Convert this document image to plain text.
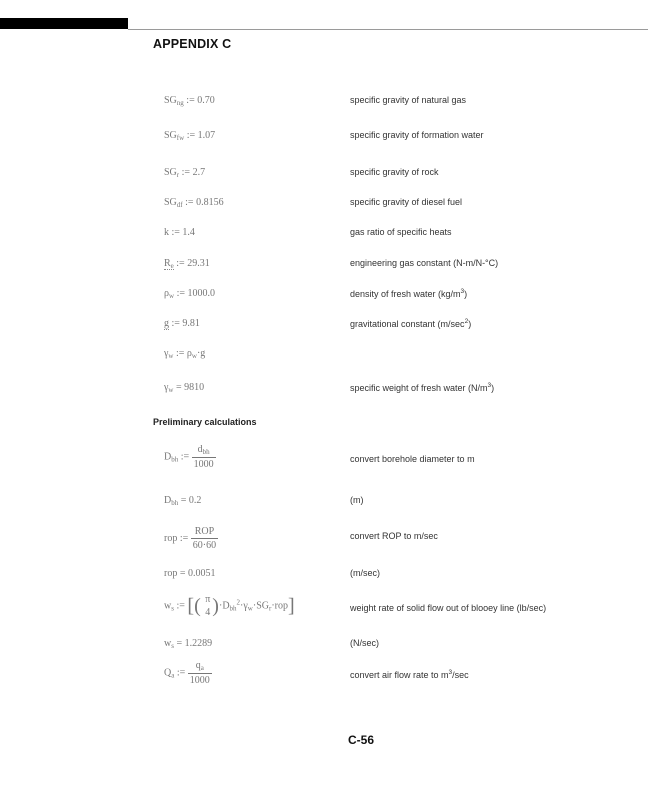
APPENDIX C
$SG_{ng}$ := 0.70	specific gravity of natural gas
$SG_{fw}$ := 1.07	specific gravity of formation water
$SG_r$ := 2.7	specific gravity of rock
$SG_{df}$ := 0.8156	specific gravity of diesel fuel
k := 1.4	gas ratio of specific heats
$R_e$ := 29.31	engineering gas constant (N-m/N-°C)
$\rho_w$ := 1000.0	density of fresh water $(kg/m^3)$
g := 9.81	gravitational constant $(m/\sec^2)$
$\gamma_w$ := $\rho_w\cdot g$
$\gamma_w = 9810$	specific weight of fresh water $(N/m^3)$
Preliminary calculations
$D_{bh}$ := $\frac{d_{bh}}{1000}$	convert borehole diameter to m
$D_{bh} = 0.2$	(m)
rop := $\frac{\text{ROP}}{60\cdot 60}$	convert ROP to m/sec
rop = 0.0051	(m/sec)
$w_s$ := [( π
4 )$\cdot D_{bh}^2\cdot\gamma_w\cdot SG_r\cdot rop$]	weight rate of solid flow out of blooey line (lb/sec)
$w_s = 1.2289$	(N/sec)
$Q_a$ := $\frac{q_a}{1000}$	convert air flow rate to $m^3/\sec$
C-56
